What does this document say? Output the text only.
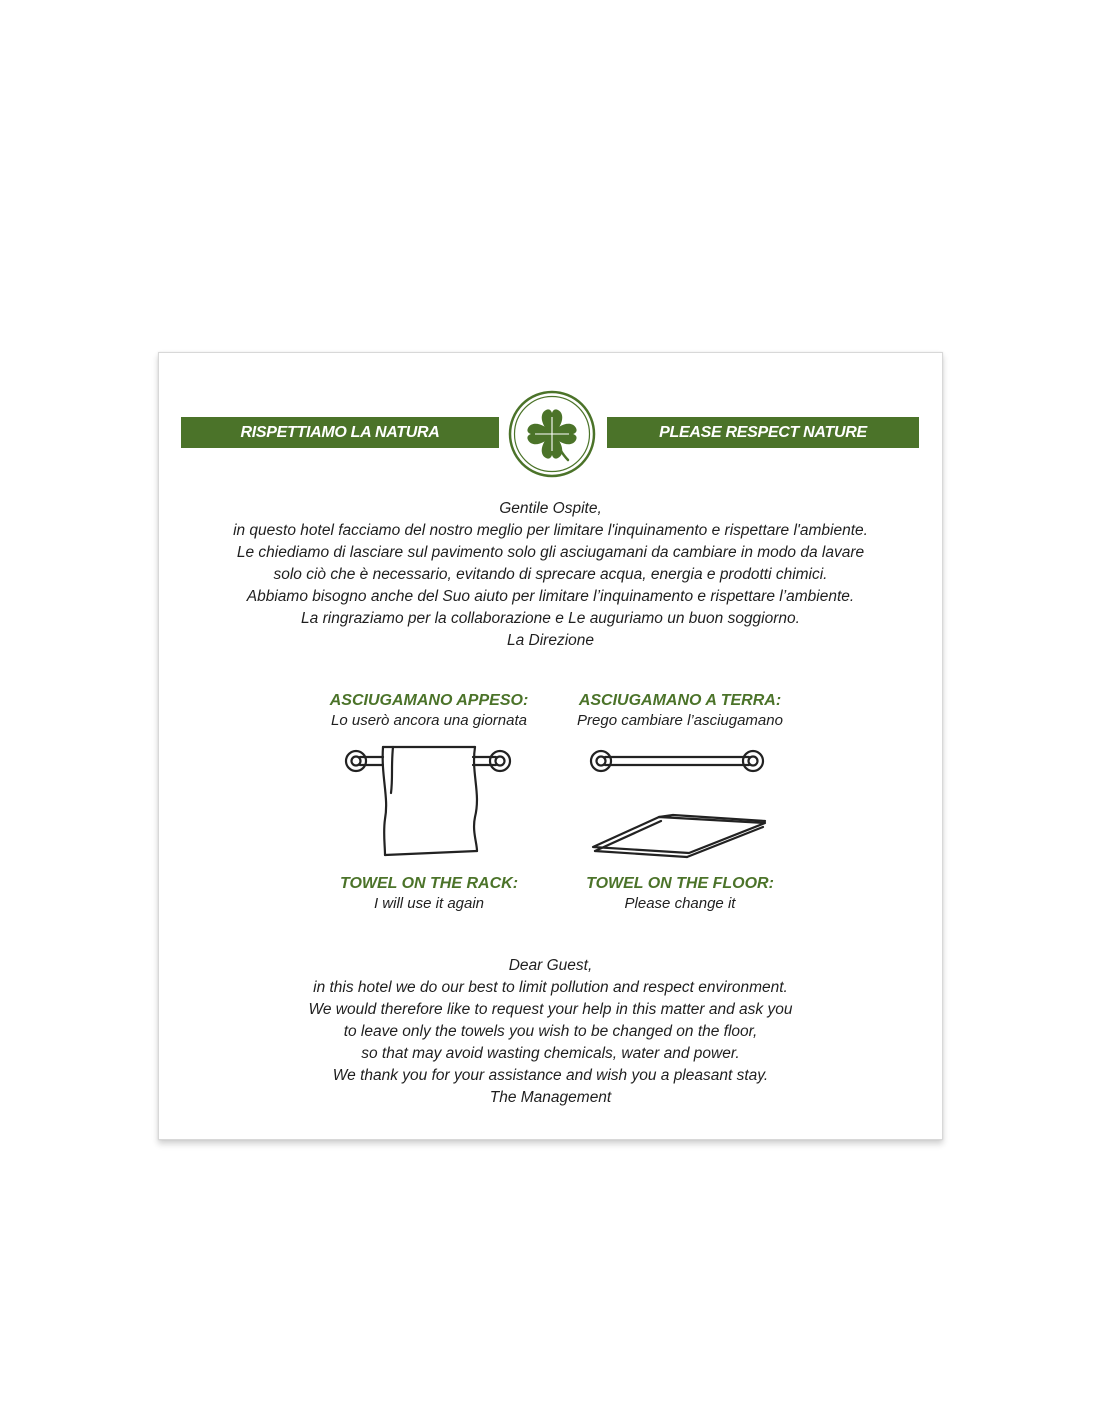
RISPETTIAMO LA NATURA	PLEASE RESPECT NATURE
Gentile Ospite,
in questo hotel facciamo del nostro meglio per limitare l'inquinamento e rispettare l'ambiente.
Le chiediamo di lasciare sul pavimento solo gli asciugamani da cambiare in modo da lavare
solo ciò che è necessario, evitando di sprecare acqua, energia e prodotti chimici.
Abbiamo bisogno anche del Suo aiuto per limitare l’inquinamento e rispettare l’ambiente.
La ringraziamo per la collaborazione e Le auguriamo un buon soggiorno.
La Direzione
ASCIUGAMANO APPESO:
Lo userò ancora una giornata
ASCIUGAMANO A TERRA:
Prego cambiare l’asciugamano
TOWEL ON THE RACK:
I will use it again
TOWEL ON THE FLOOR:
Please change it
Dear Guest,
in this hotel we do our best to limit pollution and respect environment.
We would therefore like to request your help in this matter and ask you
to leave only the towels you wish to be changed on the floor,
so that may avoid wasting chemicals, water and power.
We thank you for your assistance and wish you a pleasant stay.
The Management
